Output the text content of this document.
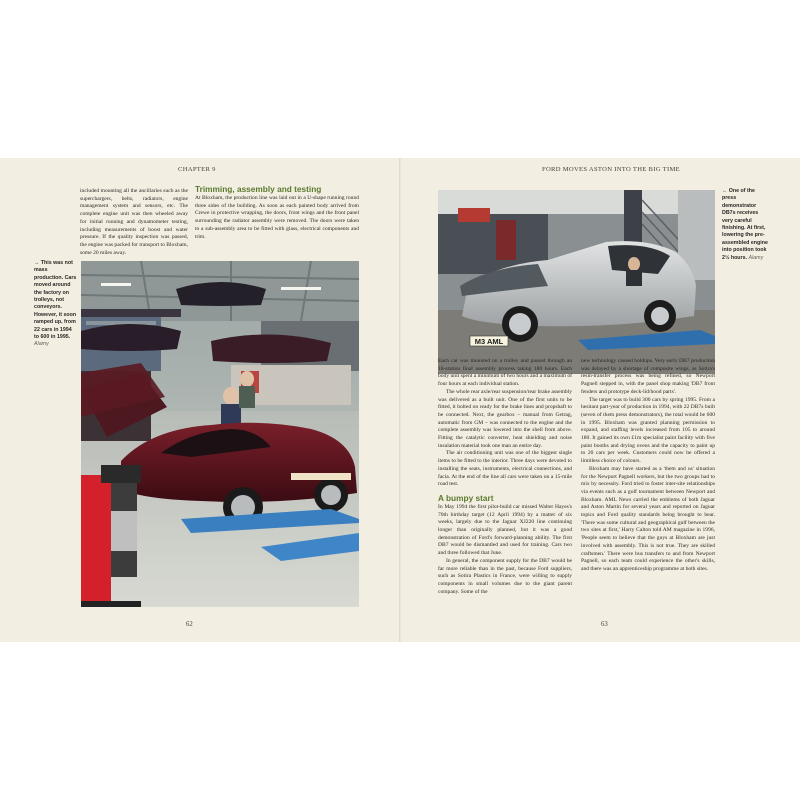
CHAPTER 9

included mounting all the ancillaries such as the superchargers, belts, radiators, engine management system and sensors, etc. The complete engine unit was then wheeled away for initial running and dynamometer testing, including measurements of boost and water pressure. If the quality inspection was passed, the engine was packed for transport to Bloxham, some 20 miles away.

Trimming, assembly and testing

At Bloxham, the production line was laid out in a U-shape running round three sides of the building. As soon as each painted body arrived from Crewe in protective wrapping, the doors, front wings and the front panel surrounding the radiator assembly were removed. The doors were taken to a sub-assembly area to be fitted with glass, electrical components and trim.

→ This was not mass production. Cars moved around the factory on trolleys, not conveyors. However, it soon ramped up, from 22 cars in 1994 to 600 in 1995. Alamy
62
FORD MOVES ASTON INTO THE BIG TIME
M3 AML
← One of the press demonstrator DB7s receives very careful finishing. At first, lowering the pre-assembled engine into position took 2½ hours. Alamy

Each car was mounted on a trolley and passed through an 18-station final assembly process taking 180 hours. Each body unit spent a minimum of two hours and a maximum of four hours at each individual station.

The whole rear axle/rear suspension/rear brake assembly was delivered as a built unit. One of the first units to be fitted, it bolted on ready for the brake lines and propshaft to be connected. Next, the gearbox – manual from Getrag, automatic from GM – was connected to the engine and the complete assembly was lowered into the shell from above. Fitting the catalytic converter, heat shielding and noise insulation material took one man an entire day.

The air conditioning unit was one of the biggest single items to be fitted to the interior. Three days were devoted to installing the seats, instruments, electrical connections, and facia. At the end of the line all cars were taken on a 15-mile road test.

A bumpy start

In May 1994 the first pilot-build car missed Walter Hayes's 70th birthday target (12 April 1994) by a matter of six weeks, largely due to the Jaguar XJ220 line continuing longer than originally planned, but it was a good demonstration of Ford's forward-planning ability. The first DB7 would be dismantled and used for training. Cars two and three followed that June.

In general, the component supply for the DB7 would be far more reliable than in the past, because Ford suppliers, such as Sotira Plastics in France, were willing to supply components in small volumes due to the giant parent company. Some of the

new technology caused holdups. Very early DB7 production was delayed by a shortage of composite wings, as Sotira's resin-transfer process was being refined, so Newport Pagnell stepped in, with the panel shop making 'DB7 front fenders and prototype deck-lid/hood parts'.

The target was to build 300 cars by spring 1995. From a hesitant part-year of production in 1994, with 22 DB7s built (seven of them press demonstrators), the total would be 600 in 1995. Bloxham was granted planning permission to expand, and staffing levels increased from 105 to around 180. It gained its own £1m specialist paint facility with five paint booths and drying ovens and the capacity to paint up to 20 cars per week. Customers could now be offered a limitless choice of colours.

Bloxham may have started as a 'them and us' situation for the Newport Pagnell workers, but the two groups had to mix by necessity. Ford tried to foster inter-site relationships via events such as a golf tournament between Newport and Bloxham. AML News carried the emblems of both Jaguar and Aston Martin for several years and reported on Jaguar topics and Ford quality standards being brought to bear. 'There was some cultural and geographical gulf between the two sites at first,' Harry Calton told AM magazine in 1996, 'People seem to believe that the guys at Bloxham are just involved with assembly. This is not true. They are skilled craftsmen.' There were bus transfers to and from Newport Pagnell, so each team could experience the other's skills, and there was an apprenticeship programme at both sites.

63
